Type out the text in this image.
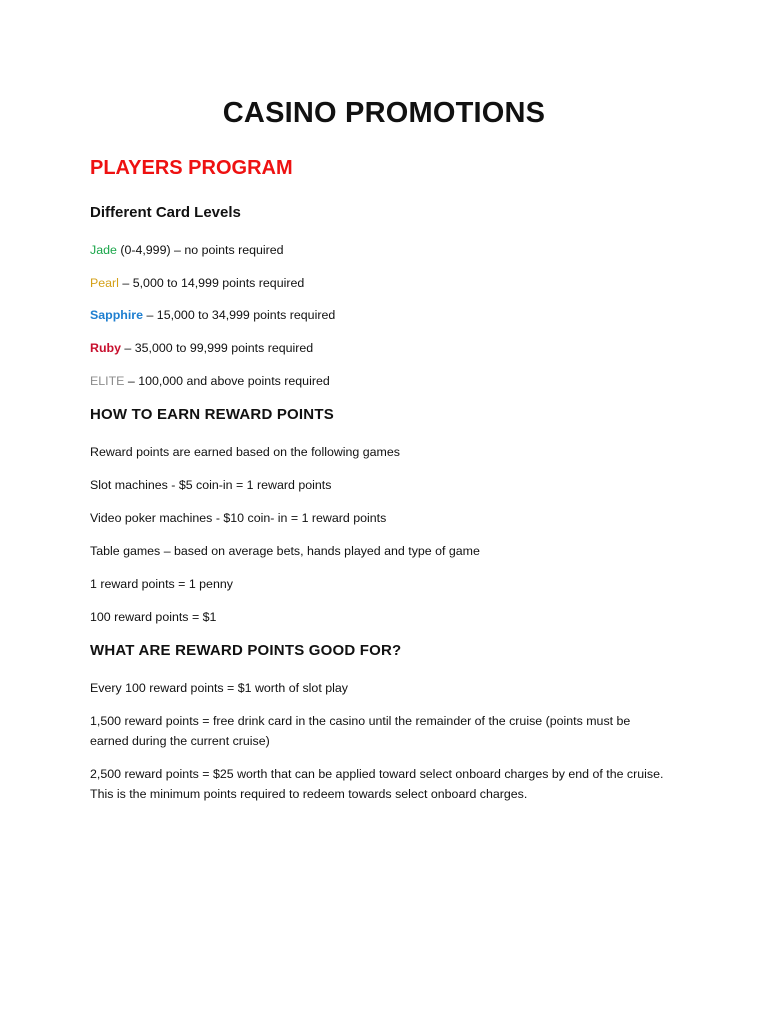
CASINO PROMOTIONS
PLAYERS PROGRAM
Different Card Levels

Jade (0-4,999) – no points required

Pearl – 5,000 to 14,999 points required

Sapphire – 15,000 to 34,999 points required

Ruby – 35,000 to 99,999 points required

ELITE – 100,000 and above points required

HOW TO EARN REWARD POINTS

Reward points are earned based on the following games

Slot machines - $5 coin-in = 1 reward points

Video poker machines - $10 coin- in = 1 reward points

Table games – based on average bets, hands played and type of game

1 reward points = 1 penny

100 reward points = $1

WHAT ARE REWARD POINTS GOOD FOR?

Every 100 reward points = $1 worth of slot play

1,500 reward points = free drink card in the casino until the remainder of the cruise (points must be earned during the current cruise)

2,500 reward points = $25 worth that can be applied toward select onboard charges by end of the cruise. This is the minimum points required to redeem towards select onboard charges.
